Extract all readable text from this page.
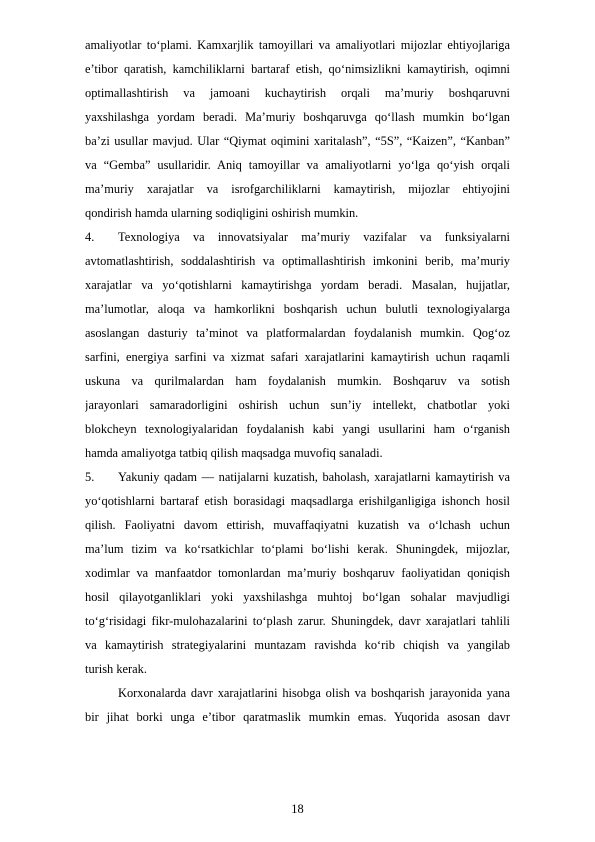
amaliyotlar to‘plami. Kamxarjlik tamoyillari va amaliyotlari mijozlar ehtiyojlariga
e’tibor qaratish, kamchiliklarni bartaraf etish, qo‘nimsizlikni kamaytirish, oqimni
optimallashtirish va jamoani kuchaytirish orqali ma’muriy boshqaruvni
yaxshilashga yordam beradi. Ma’muriy boshqaruvga qo‘llash mumkin bo‘lgan
ba’zi usullar mavjud. Ular “Qiymat oqimini xaritalash”, “5S”, “Kaizen”, “Kanban”
va “Gemba” usullaridir. Aniq tamoyillar va amaliyotlarni yo‘lga qo‘yish orqali
ma’muriy xarajatlar va isrofgarchiliklarni kamaytirish, mijozlar ehtiyojini
qondirish hamda ularning sodiqligini oshirish mumkin.
4. Texnologiya va innovatsiyalar ma’muriy vazifalar va funksiyalarni
avtomatlashtirish, soddalashtirish va optimallashtirish imkonini berib, ma’muriy
xarajatlar va yo‘qotishlarni kamaytirishga yordam beradi. Masalan, hujjatlar,
ma’lumotlar, aloqa va hamkorlikni boshqarish uchun bulutli texnologiyalarga
asoslangan dasturiy ta’minot va platformalardan foydalanish mumkin. Qog‘oz
sarfini, energiya sarfini va xizmat safari xarajatlarini kamaytirish uchun raqamli
uskuna va qurilmalardan ham foydalanish mumkin. Boshqaruv va sotish
jarayonlari samaradorligini oshirish uchun sun’iy intellekt, chatbotlar yoki
blokcheyn texnologiyalaridan foydalanish kabi yangi usullarini ham o‘rganish
hamda amaliyotga tatbiq qilish maqsadga muvofiq sanaladi.
5. Yakuniy qadam — natijalarni kuzatish, baholash, xarajatlarni kamaytirish va
yo‘qotishlarni bartaraf etish borasidagi maqsadlarga erishilganligiga ishonch hosil
qilish. Faoliyatni davom ettirish, muvaffaqiyatni kuzatish va o‘lchash uchun
ma’lum tizim va ko‘rsatkichlar to‘plami bo‘lishi kerak. Shuningdek, mijozlar,
xodimlar va manfaatdor tomonlardan ma’muriy boshqaruv faoliyatidan qoniqish
hosil qilayotganliklari yoki yaxshilashga muhtoj bo‘lgan sohalar mavjudligi
to‘g‘risidagi fikr-mulohazalarini to‘plash zarur. Shuningdek, davr xarajatlari tahlili
va kamaytirish strategiyalarini muntazam ravishda ko‘rib chiqish va yangilab
turish kerak.
Korxonalarda davr xarajatlarini hisobga olish va boshqarish jarayonida yana
bir jihat borki unga e’tibor qaratmaslik mumkin emas. Yuqorida asosan davr
18
